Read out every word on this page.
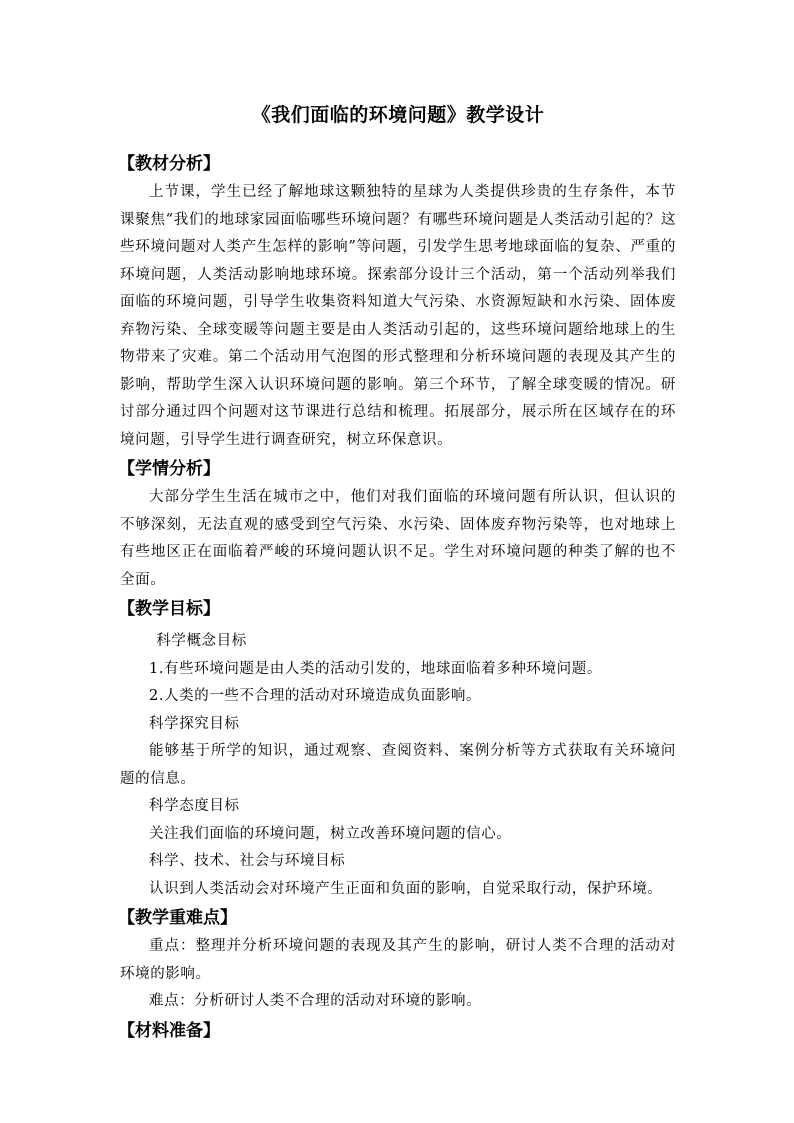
《我们面临的环境问题》教学设计
【教材分析】

上节课，学生已经了解地球这颗独特的星球为人类提供珍贵的生存条件，本节课聚焦“我们的地球家园面临哪些环境问题？有哪些环境问题是人类活动引起的？这些环境问题对人类产生怎样的影响”等问题，引发学生思考地球面临的复杂、严重的环境问题，人类活动影响地球环境。探索部分设计三个活动，第一个活动列举我们面临的环境问题，引导学生收集资料知道大气污染、水资源短缺和水污染、固体废弃物污染、全球变暖等问题主要是由人类活动引起的，这些环境问题给地球上的生物带来了灾难。第二个活动用气泡图的形式整理和分析环境问题的表现及其产生的影响，帮助学生深入认识环境问题的影响。第三个环节，了解全球变暖的情况。研讨部分通过四个问题对这节课进行总结和梳理。拓展部分，展示所在区域存在的环境问题，引导学生进行调查研究，树立环保意识。

【学情分析】

大部分学生生活在城市之中，他们对我们面临的环境问题有所认识，但认识的不够深刻，无法直观的感受到空气污染、水污染、固体废弃物污染等，也对地球上有些地区正在面临着严峻的环境问题认识不足。学生对环境问题的种类了解的也不全面。

【教学目标】

科学概念目标

1.有些环境问题是由人类的活动引发的，地球面临着多种环境问题。

2.人类的一些不合理的活动对环境造成负面影响。

科学探究目标

能够基于所学的知识，通过观察、查阅资料、案例分析等方式获取有关环境问题的信息。

科学态度目标

关注我们面临的环境问题，树立改善环境问题的信心。

科学、技术、社会与环境目标

认识到人类活动会对环境产生正面和负面的影响，自觉采取行动，保护环境。

【教学重难点】

重点：整理并分析环境问题的表现及其产生的影响，研讨人类不合理的活动对环境的影响。

难点：分析研讨人类不合理的活动对环境的影响。

【材料准备】
